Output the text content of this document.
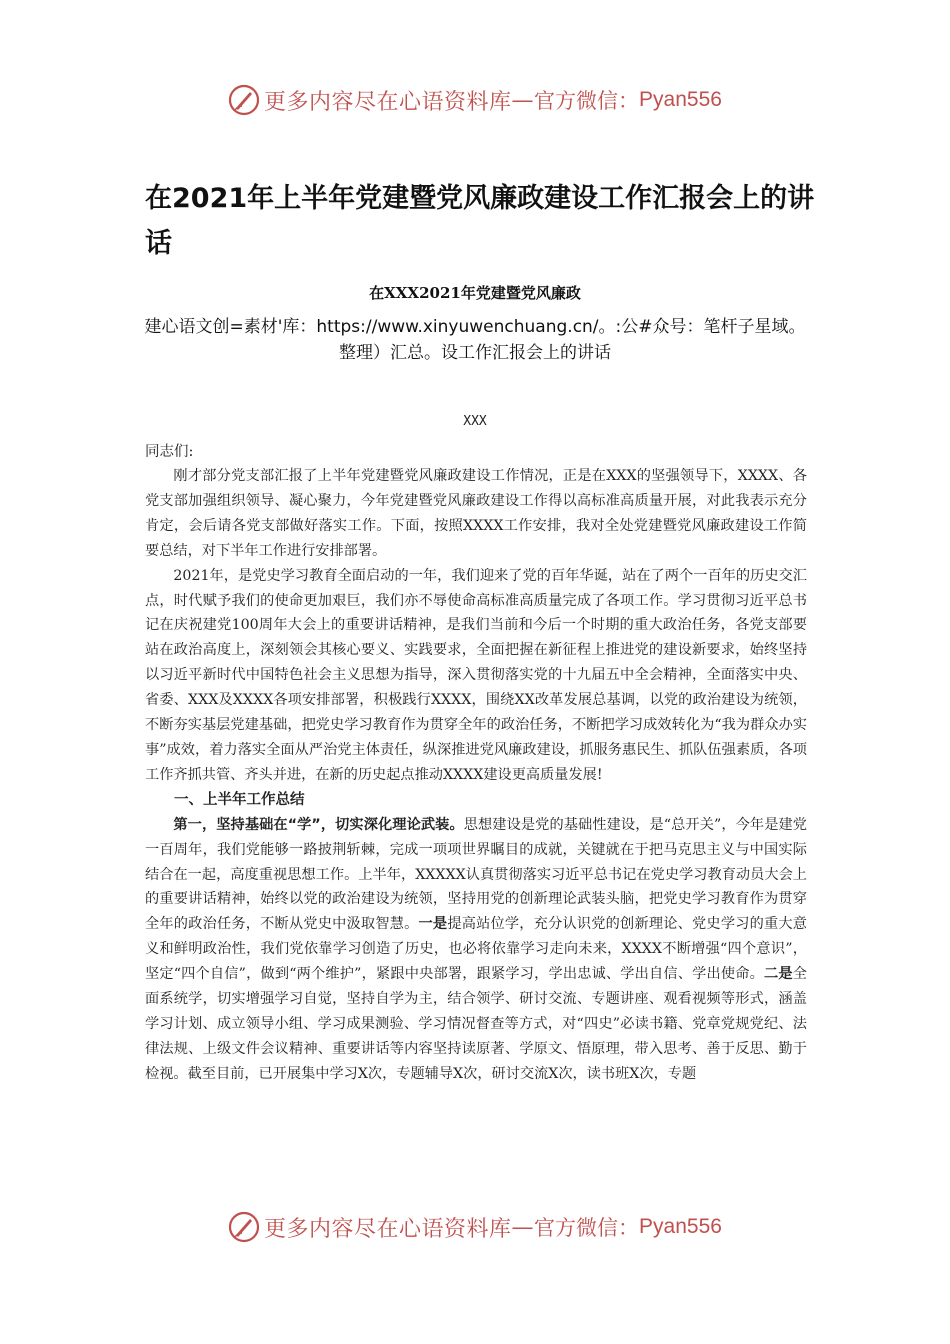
更多内容尽在心语资料库 — 官方微信： Pyan556
在2021年上半年党建暨党风廉政建设工作汇报会上的讲话
在XXX2021年党建暨党风廉政
建心语文创=素材'库：https://www.xinyuwenchuang.cn/。:公#众号：笔杆子星域。
整理）汇总。设工作汇报会上的讲话
XXX
同志们:

刚才部分党支部汇报了上半年党建暨党风廉政建设工作情况，正是在XXX的坚强领导下，XXXX、各党支部加强组织领导、凝心聚力，今年党建暨党风廉政建设工作得以高标准高质量开展，对此我表示充分肯定，会后请各党支部做好落实工作。下面，按照XXXX工作安排，我对全处党建暨党风廉政建设工作简要总结，对下半年工作进行安排部署。

2021年，是党史学习教育全面启动的一年，我们迎来了党的百年华诞，站在了两个一百年的历史交汇点，时代赋予我们的使命更加艰巨，我们亦不辱使命高标准高质量完成了各项工作。学习贯彻习近平总书记在庆祝建党100周年大会上的重要讲话精神，是我们当前和今后一个时期的重大政治任务，各党支部要站在政治高度上，深刻领会其核心要义、实践要求，全面把握在新征程上推进党的建设新要求，始终坚持以习近平新时代中国特色社会主义思想为指导，深入贯彻落实党的十九届五中全会精神，全面落实中央、省委、XXX及XXXX各项安排部署，积极践行XXXX，围绕XX改革发展总基调，以党的政治建设为统领，不断夯实基层党建基础，把党史学习教育作为贯穿全年的政治任务，不断把学习成效转化为“我为群众办实事”成效，着力落实全面从严治党主体责任，纵深推进党风廉政建设，抓服务惠民生、抓队伍强素质，各项工作齐抓共管、齐头并进，在新的历史起点推动XXXX建设更高质量发展!

一、上半年工作总结

第一，坚持基础在“学”，切实深化理论武装。思想建设是党的基础性建设，是“总开关”，今年是建党一百周年，我们党能够一路披荆斩棘，完成一项项世界瞩目的成就，关键就在于把马克思主义与中国实际结合在一起，高度重视思想工作。上半年，XXXXX认真贯彻落实习近平总书记在党史学习教育动员大会上的重要讲话精神，始终以党的政治建设为统领，坚持用党的创新理论武装头脑，把党史学习教育作为贯穿全年的政治任务，不断从党史中汲取智慧。一是提高站位学，充分认识党的创新理论、党史学习的重大意义和鲜明政治性，我们党依靠学习创造了历史，也必将依靠学习走向未来，XXXX不断增强“四个意识”，坚定“四个自信”，做到“两个维护”，紧跟中央部署，跟紧学习，学出忠诚、学出自信、学出使命。二是全面系统学，切实增强学习自觉，坚持自学为主，结合领学、研讨交流、专题讲座、观看视频等形式，涵盖学习计划、成立领导小组、学习成果测验、学习情况督查等方式，对“四史”必读书籍、党章党规党纪、法律法规、上级文件会议精神、重要讲话等内容坚持读原著、学原文、悟原理，带入思考、善于反思、勤于检视。截至目前，已开展集中学习X次，专题辅导X次，研讨交流X次，读书班X次，专题

更多内容尽在心语资料库 — 官方微信： Pyan556
